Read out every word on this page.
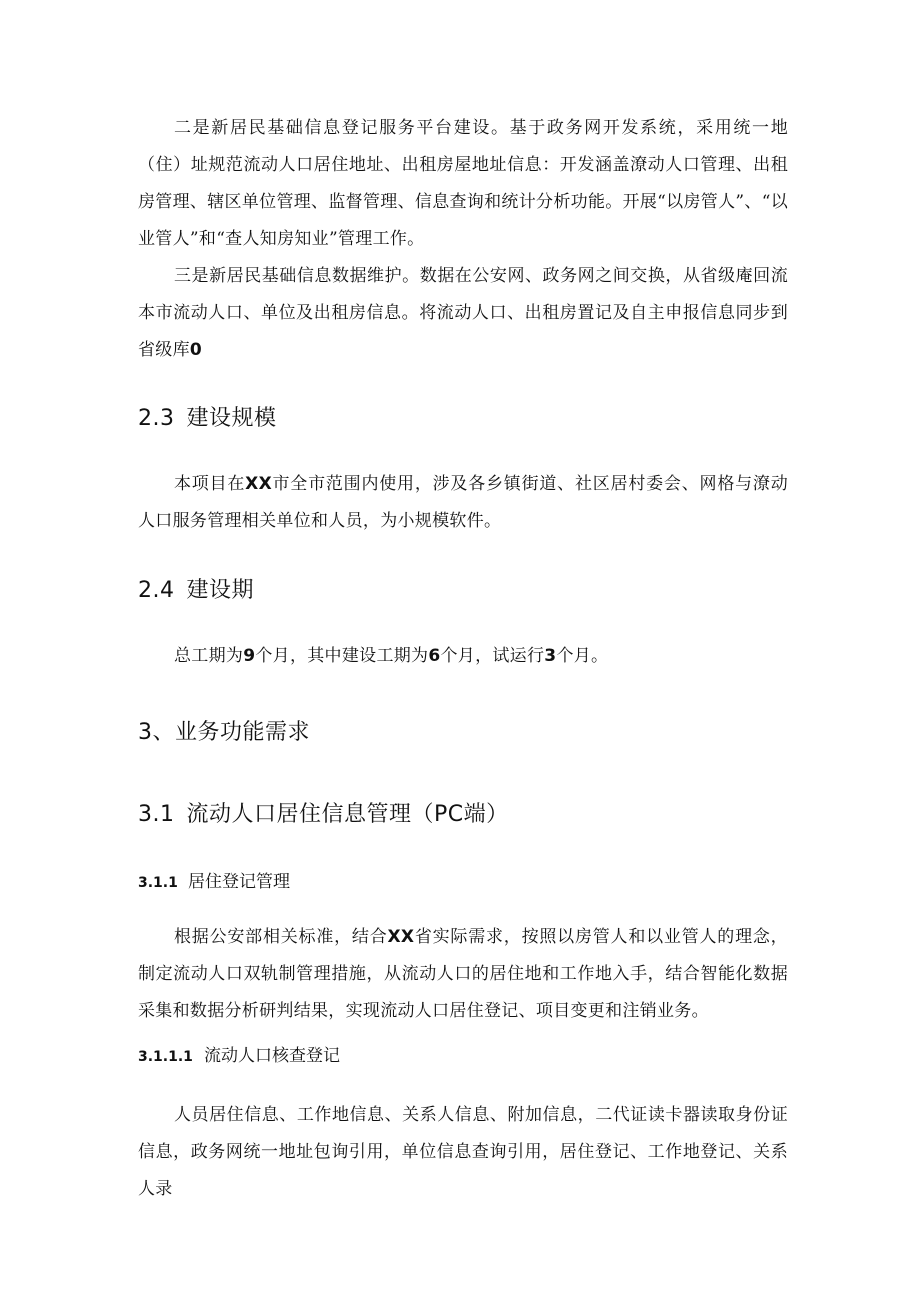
二是新居民基础信息登记服务平台建设。基于政务网开发系统，采用统一地（住）址规范流动人口居住地址、出租房屋地址信息：开发涵盖潦动人口管理、出租房管理、辖区单位管理、监督管理、信息查询和统计分析功能。开展“以房管人”、“以业管人”和“查人知房知业”管理工作。

三是新居民基础信息数据维护。数据在公安网、政务网之间交换，从省级庵回流本市流动人口、单位及出租房信息。将流动人口、出租房置记及自主申报信息同步到省级库0

2.3 建设规模

本项目在XX市全市范围内使用，涉及各乡镇街道、社区居村委会、网格与潦动人口服务管理相关单位和人员，为小规模软件。

2.4 建设期

总工期为9个月，其中建设工期为6个月，试运行3个月。

3、业务功能需求
3.1 流动人口居住信息管理（PC端）
3.1.1 居住登记管理

根据公安部相关标准，结合XX省实际需求，按照以房管人和以业管人的理念，制定流动人口双轨制管理措施，从流动人口的居住地和工作地入手，结合智能化数据采集和数据分析研判结果，实现流动人口居住登记、项目变更和注销业务。

3.1.1.1 流动人口核查登记

人员居住信息、工作地信息、关系人信息、附加信息，二代证读卡器读取身份证信息，政务网统一地址包询引用，单位信息查询引用，居住登记、工作地登记、关系人录
